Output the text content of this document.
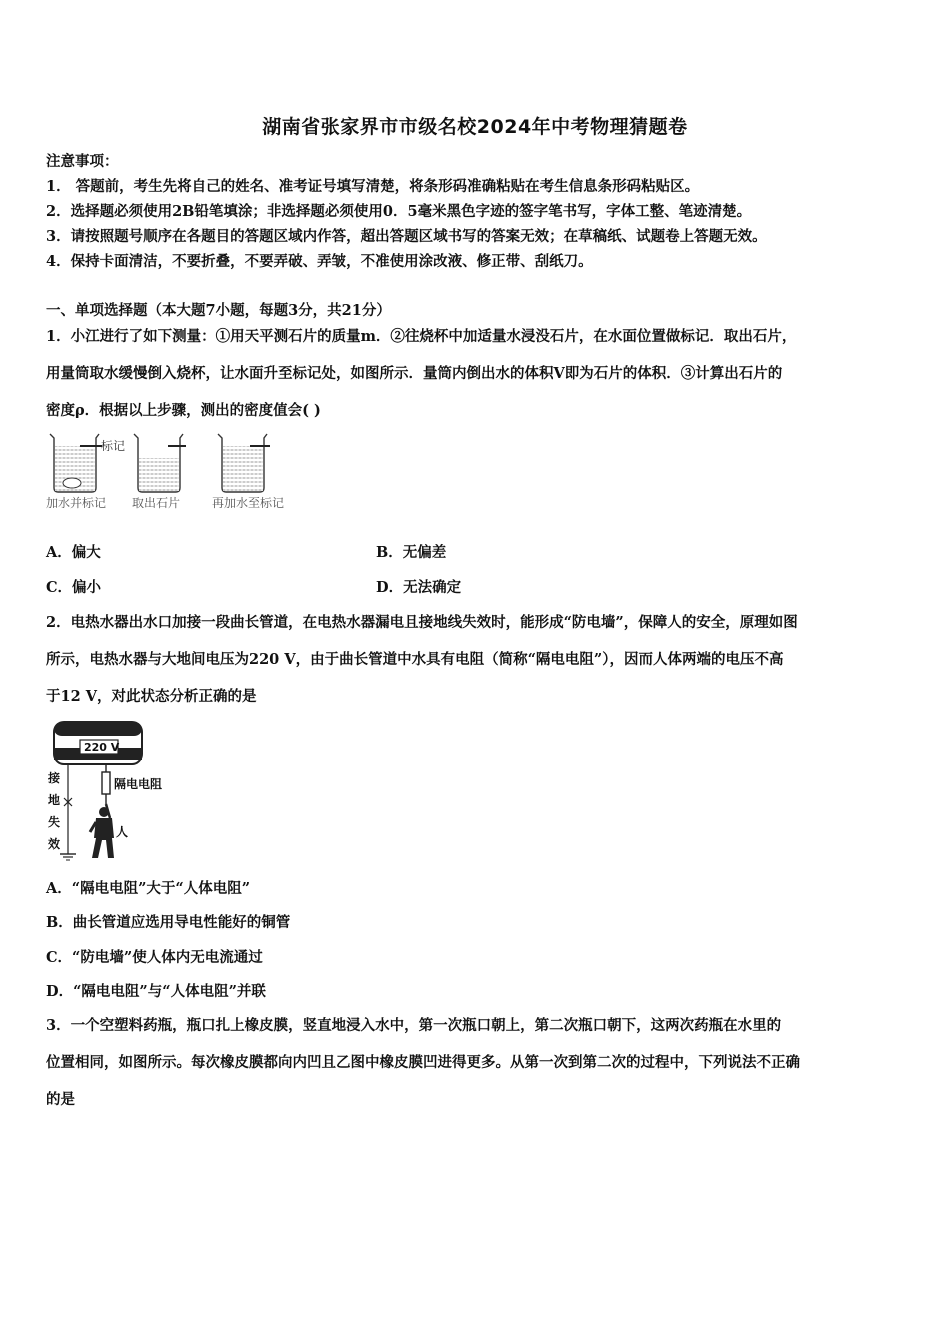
湖南省张家界市市级名校2024年中考物理猜题卷
注意事项：
1． 答题前，考生先将自己的姓名、准考证号填写清楚，将条形码准确粘贴在考生信息条形码粘贴区。
2．选择题必须使用2B铅笔填涂；非选择题必须使用0．5毫米黑色字迹的签字笔书写，字体工整、笔迹清楚。
3．请按照题号顺序在各题目的答题区域内作答，超出答题区域书写的答案无效；在草稿纸、试题卷上答题无效。
4．保持卡面清洁，不要折叠，不要弄破、弄皱，不准使用涂改液、修正带、刮纸刀。
一、单项选择题（本大题7小题，每题3分，共21分）
1．小江进行了如下测量：①用天平测石片的质量m．②往烧杯中加适量水浸没石片，在水面位置做标记．取出石片，
用量筒取水缓慢倒入烧杯，让水面升至标记处，如图所示．量筒内倒出水的体积V即为石片的体积．③计算出石片的
密度ρ．根据以上步骤，测出的密度值会( )
标记
加水并标记 取出石片	再加水至标记
A．偏大	B．无偏差
C．偏小	D．无法确定
2．电热水器出水口加接一段曲长管道，在电热水器漏电且接地线失效时，能形成“防电墙”，保障人的安全，原理如图
所示，电热水器与大地间电压为220 V，由于曲长管道中水具有电阻（简称“隔电电阻”），因而人体两端的电压不高
于12 V，对此状态分析正确的是
220 V
接
地
失
效
隔电电阻
人
A．“隔电电阻”大于“人体电阻”
B．曲长管道应选用导电性能好的铜管
C．“防电墙”使人体内无电流通过
D．“隔电电阻”与“人体电阻”并联
3．一个空塑料药瓶，瓶口扎上橡皮膜，竖直地浸入水中，第一次瓶口朝上，第二次瓶口朝下，这两次药瓶在水里的
位置相同，如图所示。每次橡皮膜都向内凹且乙图中橡皮膜凹进得更多。从第一次到第二次的过程中，下列说法不正确
的是
